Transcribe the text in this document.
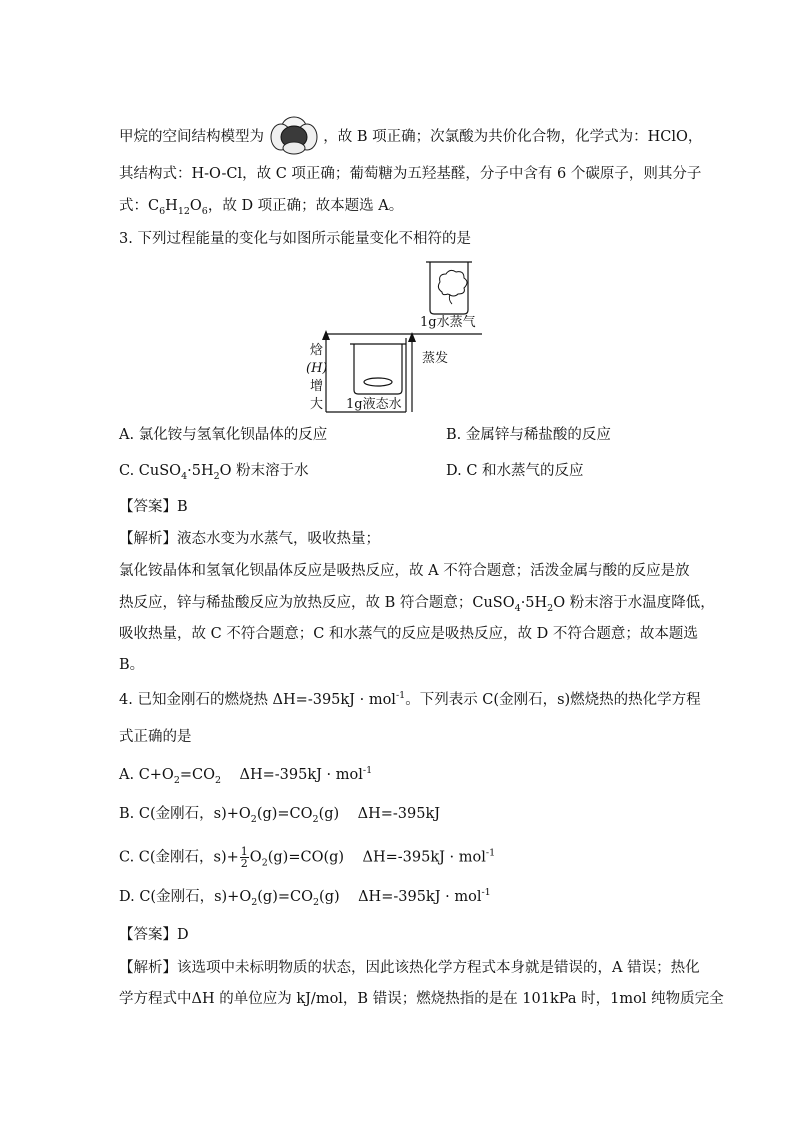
甲烷的空间结构模型为	，故 B 项正确；次氯酸为共价化合物，化学式为：HClO，
其结构式：H-O-Cl，故 C 项正确；葡萄糖为五羟基醛，分子中含有 6 个碳原子，则其分子
式：$C_6H_{12}O_6$，故 D 项正确；故本题选 A。
3. 下列过程能量的变化与如图所示能量变化不相符的是
1g水蒸气
焓
(H)
增
大 1g液态水
蒸发
A. 氯化铵与氢氧化钡晶体的反应	B. 金属锌与稀盐酸的反应
C. $CuSO_4\cdot 5H_2O$ 粉末溶于水	D. C 和水蒸气的反应
【答案】B
【解析】液态水变为水蒸气，吸收热量；
氯化铵晶体和氢氧化钡晶体反应是吸热反应，故 A 不符合题意；活泼金属与酸的反应是放
热反应，锌与稀盐酸反应为放热反应，故 B 符合题意；$CuSO_4\cdot 5H_2O$ 粉末溶于水温度降低，
吸收热量，故 C 不符合题意；C 和水蒸气的反应是吸热反应，故 D 不符合题意；故本题选
B。
4. 已知金刚石的燃烧热 ΔH=-395kJ · mol$^{-1}$。下列表示 C(金刚石，s)燃烧热的热化学方程
式正确的是
A. $C+O_2=CO_2$    ΔH=-395kJ · mol$^{-1}$
B. C(金刚石，$s)+O_2(g)=CO_2(g)$    ΔH=-395kJ
C. C(金刚石，$s)+ \frac{1}{2} O_2(g)=CO(g)$    ΔH=-395kJ · mol$^{-1}$
D. C(金刚石，$s)+O_2(g)=CO_2(g)$    ΔH=-395kJ · mol$^{-1}$
【答案】D
【解析】该选项中未标明物质的状态，因此该热化学方程式本身就是错误的，A 错误；热化
学方程式中ΔH 的单位应为 kJ/mol，B 错误；燃烧热指的是在 101kPa 时，1mol 纯物质完全
